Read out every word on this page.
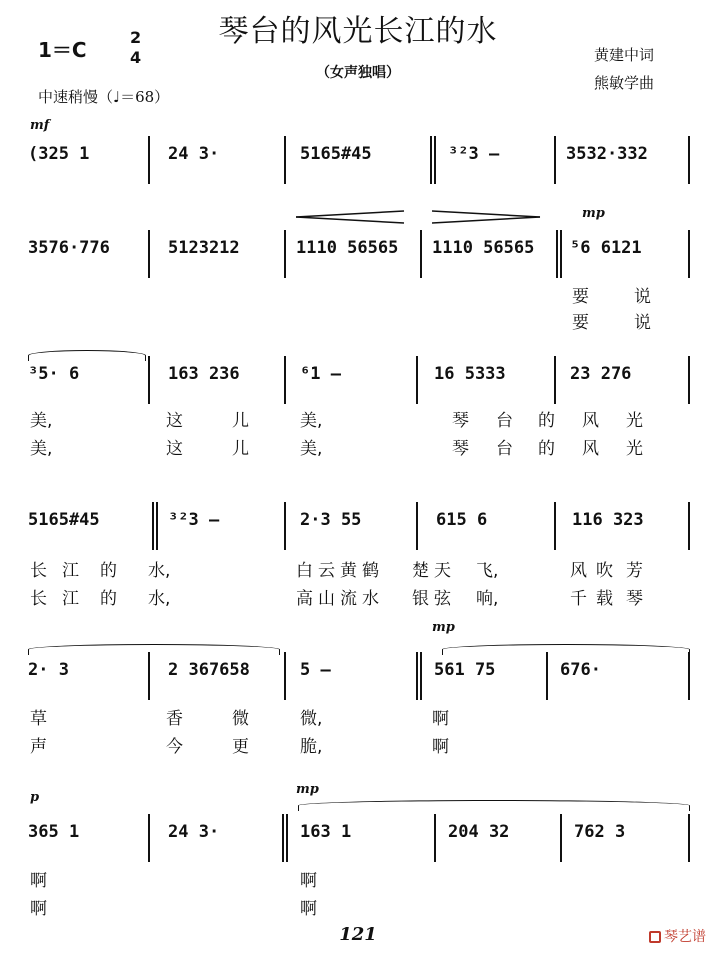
琴台的风光长江的水
（女声独唱）
1＝C
2
4	黄建中词
熊敏学曲
中速稍慢（♩＝68）
mf
(325 1	24 3·	5165#45	³²3 –	3532·332
mp
3576·776	5123212	1110 56565 1110 56565 ⁵6 6121
要	说
要	说
³5· 6	163 236	⁶1 –	16 5333	23 276
美,	这	儿	美,	琴 台 的 风 光
美,	这	儿	美,	琴 台 的 风 光
5165#45	³²3 –	2·3 55	615 6	116 323
长 江 的 水,	白 云 黄 鹤 楚 天 飞,	风 吹 芳
长 江 的 水,	高 山 流 水 银 弦 响,	千 载 琴
mp
2· 3	2 367658	5 –	561 75	676·
草	香	微	微,	啊
声	今	更	脆,	啊
p
mp
365 1	24 3·	163 1	204 32	762 3
啊	啊
啊	啊
121	琴艺谱
